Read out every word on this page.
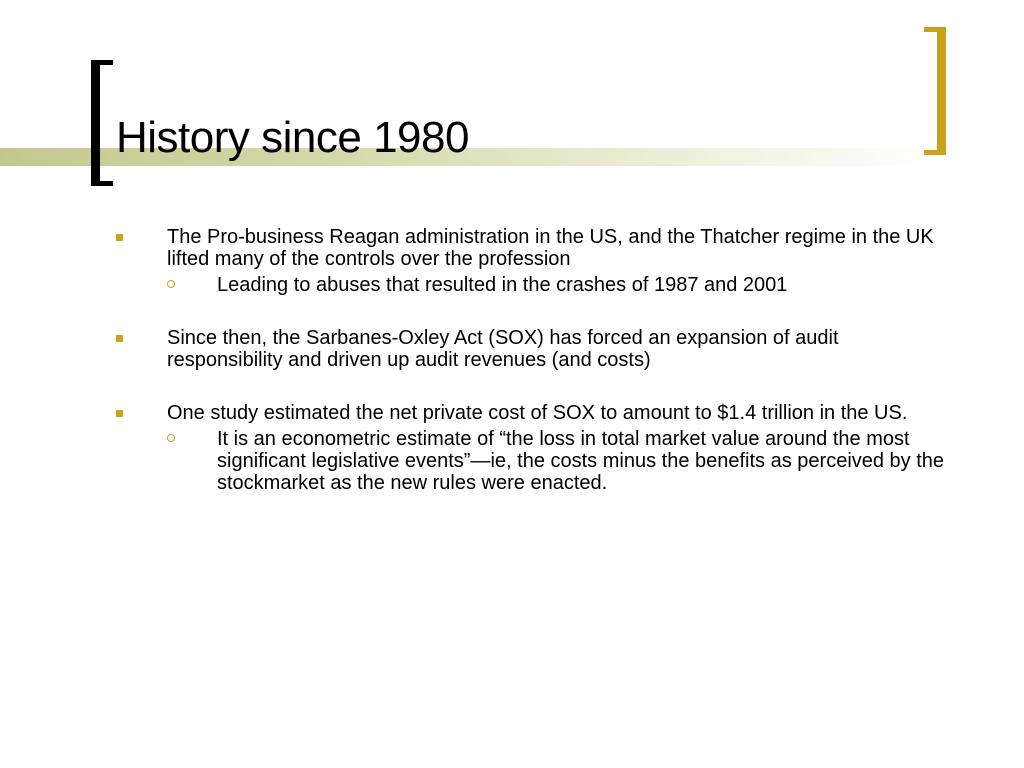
History since 1980
The Pro-business Reagan administration in the US, and the Thatcher regime in the UK lifted many of the controls over the profession
Leading to abuses that resulted in the crashes of 1987 and 2001
Since then, the Sarbanes-Oxley Act (SOX) has forced an expansion of audit responsibility and driven up audit revenues (and costs)
One study estimated the net private cost of SOX to amount to $1.4 trillion in the US.
It is an econometric estimate of “the loss in total market value around the most significant legislative events”—ie, the costs minus the benefits as perceived by the stockmarket as the new rules were enacted.
